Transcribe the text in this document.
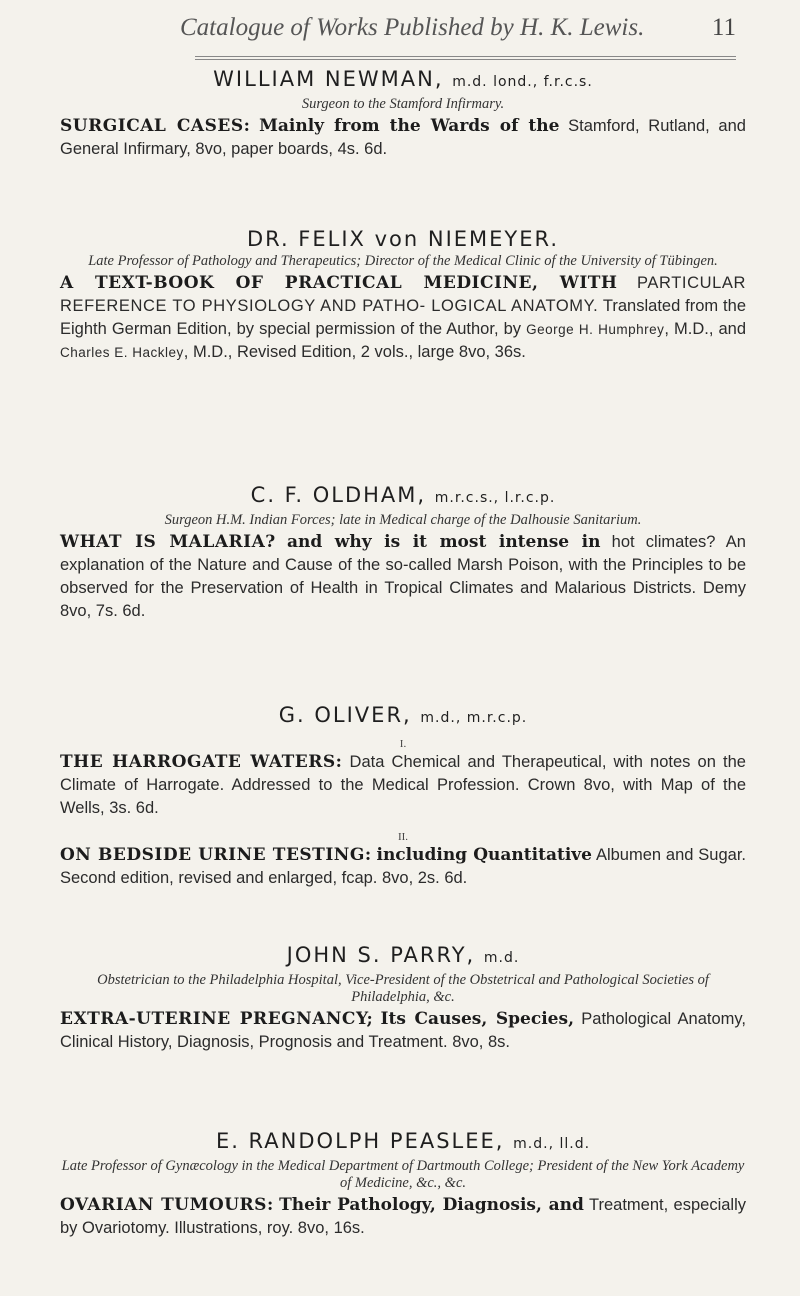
Catalogue of Works Published by H. K. Lewis.	11
WILLIAM NEWMAN, m.d. lond., f.r.c.s.
Surgeon to the Stamford Infirmary.
SURGICAL CASES: Mainly from the Wards of the Stamford, Rutland, and General Infirmary, 8vo, paper boards, 4s. 6d.
DR. FELIX von NIEMEYER.
Late Professor of Pathology and Therapeutics; Director of the Medical Clinic of the University of Tübingen.
A TEXT-BOOK OF PRACTICAL MEDICINE, WITH PARTICULAR REFERENCE TO PHYSIOLOGY AND PATHO- LOGICAL ANATOMY. Translated from the Eighth German Edition, by special permission of the Author, by George H. Humphrey, M.D., and Charles E. Hackley, M.D., Revised Edition, 2 vols., large 8vo, 36s.
C. F. OLDHAM, m.r.c.s., l.r.c.p.
Surgeon H.M. Indian Forces; late in Medical charge of the Dalhousie Sanitarium.
WHAT IS MALARIA? and why is it most intense in hot climates? An explanation of the Nature and Cause of the so-called Marsh Poison, with the Principles to be observed for the Preservation of Health in Tropical Climates and Malarious Districts. Demy 8vo, 7s. 6d.
G. OLIVER, m.d., m.r.c.p.
I.
THE HARROGATE WATERS: Data Chemical and Therapeutical, with notes on the Climate of Harrogate. Addressed to the Medical Profession. Crown 8vo, with Map of the Wells, 3s. 6d.
II.
ON BEDSIDE URINE TESTING: including Quantitative Albumen and Sugar. Second edition, revised and enlarged, fcap. 8vo, 2s. 6d.
JOHN S. PARRY, m.d.
Obstetrician to the Philadelphia Hospital, Vice-President of the Obstetrical and Pathological Societies of Philadelphia, &c.
EXTRA-UTERINE PREGNANCY; Its Causes, Species, Pathological Anatomy, Clinical History, Diagnosis, Prognosis and Treatment. 8vo, 8s.
E. RANDOLPH PEASLEE, m.d., ll.d.
Late Professor of Gynæcology in the Medical Department of Dartmouth College; President of the New York Academy of Medicine, &c., &c.
OVARIAN TUMOURS: Their Pathology, Diagnosis, and Treatment, especially by Ovariotomy. Illustrations, roy. 8vo, 16s.
